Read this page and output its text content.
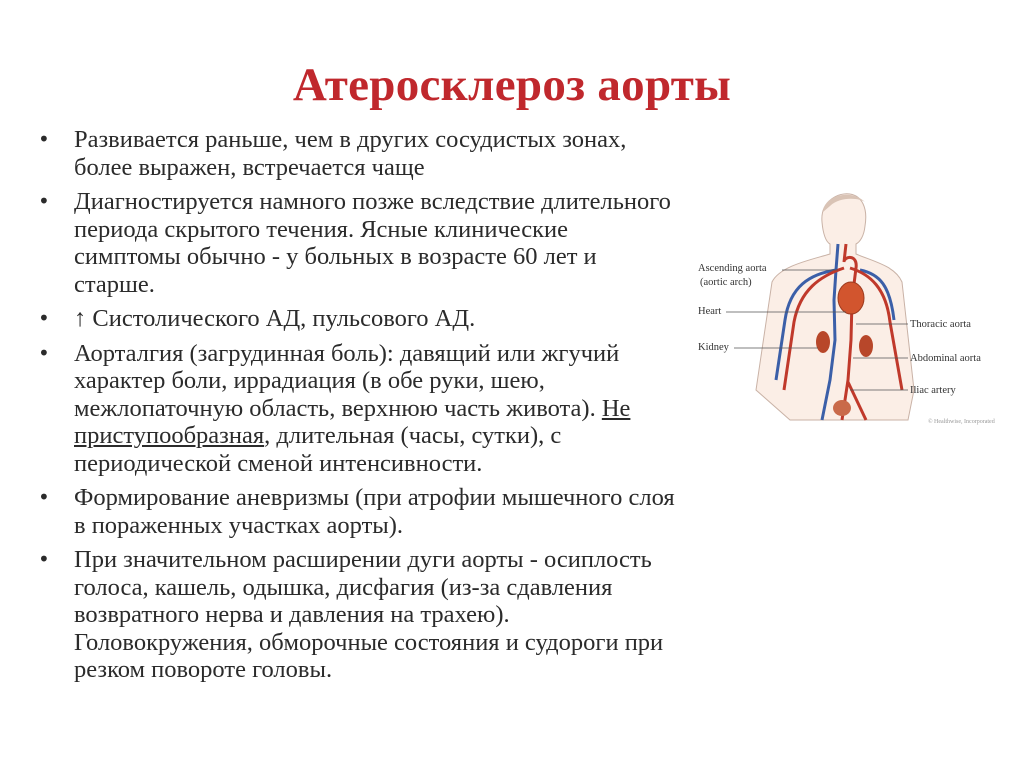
Атеросклероз аорты
• Развивается раньше, чем в других сосудистых зонах, более выражен, встречается чаще
• Диагностируется намного позже вследствие длительного периода скрытого течения. Ясные клинические симптомы обычно - у больных в возрасте 60 лет и старше.
• ↑ Систолического АД, пульсового АД.
• Аорталгия (загрудинная боль): давящий или жгучий характер боли, иррадиация (в обе руки, шею, межлопаточную область, верхнюю часть живота). Не приступообразная, длительная (часы, сутки), с периодической сменой интенсивности.
• Формирование аневризмы (при атрофии мышечного слоя в пораженных участках аорты).
• При значительном расширении дуги аорты - осиплость голоса, кашель, одышка, дисфагия (из-за сдавления возвратного нерва и давления на трахею). Головокружения, обморочные состояния и судороги при резком повороте головы.
Ascending aorta
(aortic arch)
Heart
Kidney
Thoracic aorta
Abdominal aorta
Iliac artery
© Healthwise, Incorporated
